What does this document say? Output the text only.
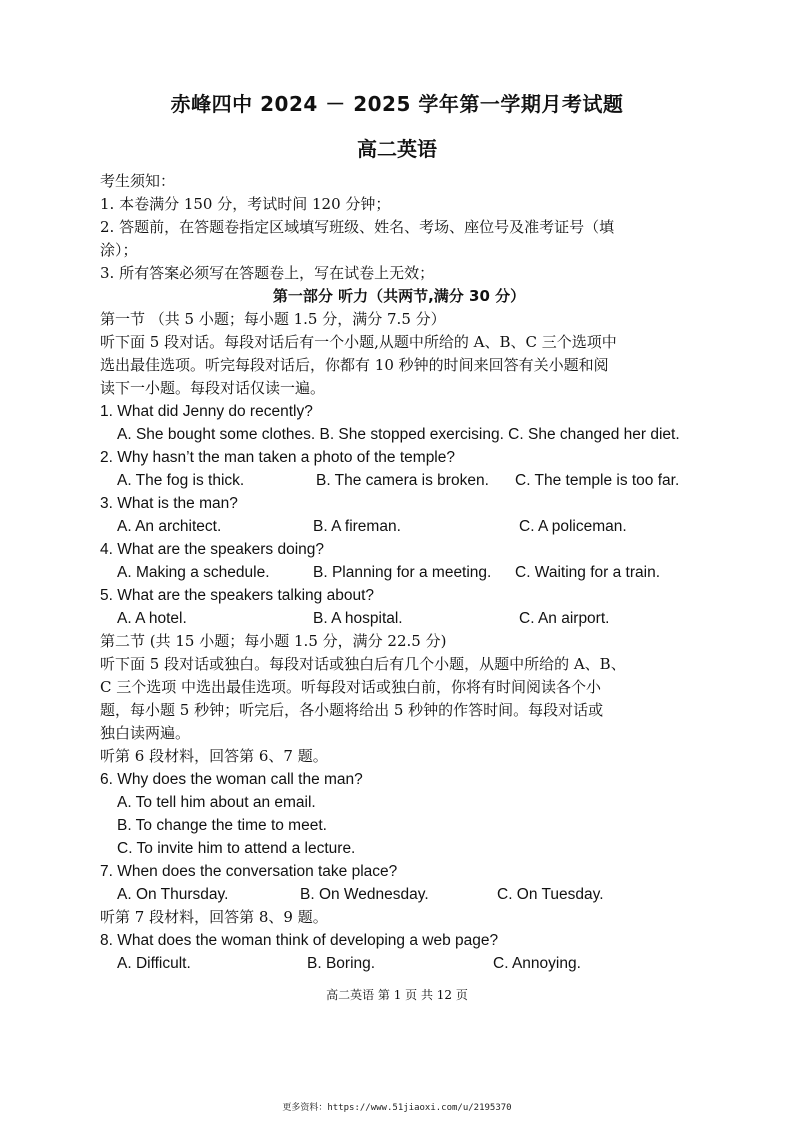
赤峰四中 2024 － 2025 学年第一学期月考试题
高二英语
考生须知：
1. 本卷满分 150 分，考试时间 120 分钟；
2. 答题前，在答题卷指定区域填写班级、姓名、考场、座位号及准考证号（填
涂）；
3. 所有答案必须写在答题卷上，写在试卷上无效；
第一部分 听力（共两节,满分 30 分）
第一节 （共 5 小题；每小题 1.5 分，满分 7.5 分）
听下面 5 段对话。每段对话后有一个小题,从题中所给的 A、B、C 三个选项中
选出最佳选项。听完每段对话后，你都有 10 秒钟的时间来回答有关小题和阅
读下一小题。每段对话仅读一遍。
1. What did Jenny do recently?
A. She bought some clothes. B. She stopped exercising. C. She changed her diet.
2. Why hasn’t the man taken a photo of the temple?
A. The fog is thick.	B. The camera is broken.	C. The temple is too far.
3. What is the man?
A. An architect.	B. A fireman.	C. A policeman.
4. What are the speakers doing?
A. Making a schedule.	B. Planning for a meeting.	C. Waiting for a train.
5. What are the speakers talking about?
A. A hotel.	B. A hospital.	C. An airport.
第二节 (共 15 小题；每小题 1.5 分，满分 22.5 分)
听下面 5 段对话或独白。每段对话或独白后有几个小题，从题中所给的 A、B、
C 三个选项 中选出最佳选项。听每段对话或独白前，你将有时间阅读各个小
题，每小题 5 秒钟；听完后，各小题将给出 5 秒钟的作答时间。每段对话或
独白读两遍。
听第 6 段材料，回答第 6、7 题。
6. Why does the woman call the man?
A. To tell him about an email.
B. To change the time to meet.
C. To invite him to attend a lecture.
7. When does the conversation take place?
A. On Thursday.	B. On Wednesday.	C. On Tuesday.
听第 7 段材料，回答第 8、9 题。
8. What does the woman think of developing a web page?
A. Difficult.	B. Boring.	C. Annoying.
高二英语 第 1 页 共 12 页
更多资料：https://www.51jiaoxi.com/u/2195370
